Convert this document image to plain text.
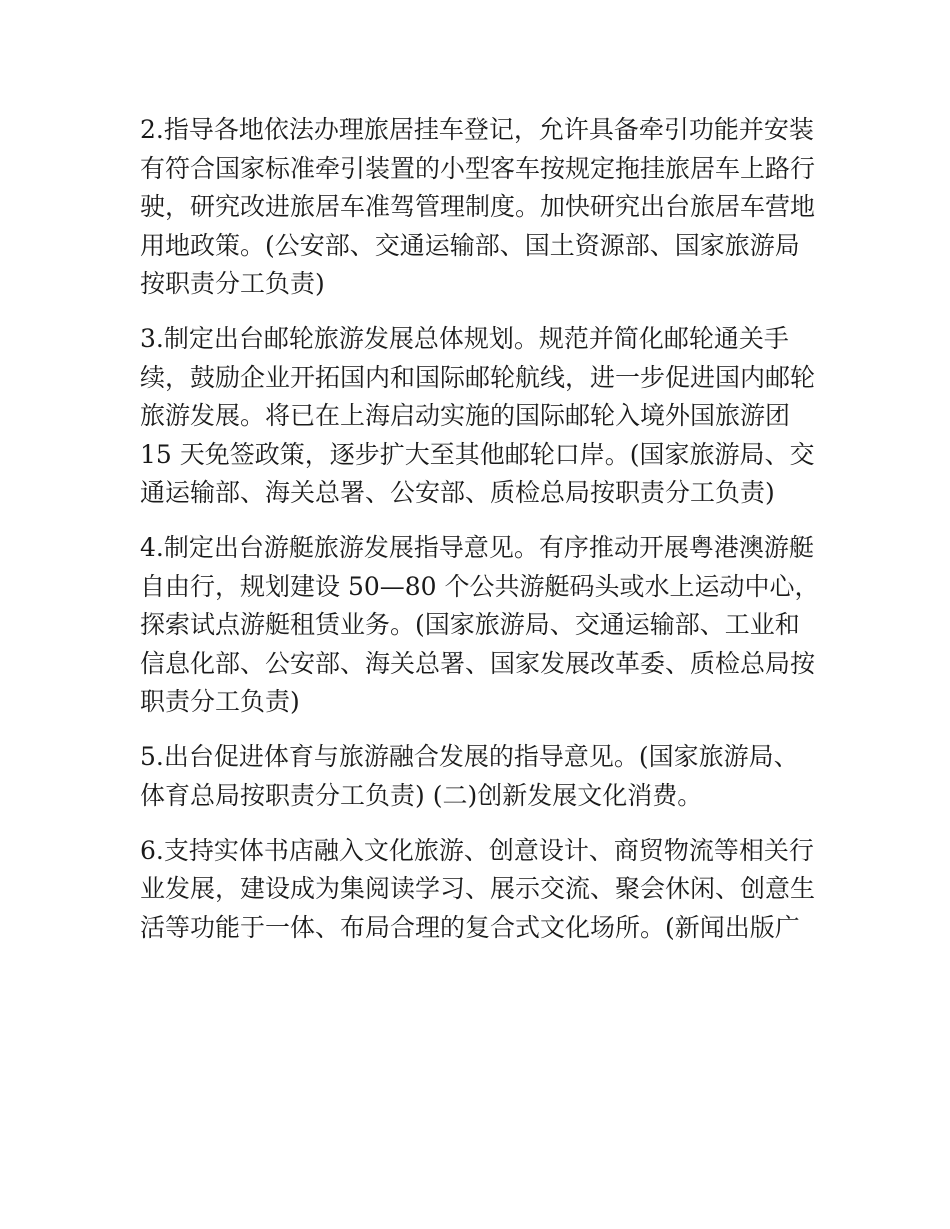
2.指导各地依法办理旅居挂车登记，允许具备牵引功能并安装
有符合国家标准牵引装置的小型客车按规定拖挂旅居车上路行
驶，研究改进旅居车准驾管理制度。加快研究出台旅居车营地
用地政策。(公安部、交通运输部、国土资源部、国家旅游局
按职责分工负责)

3.制定出台邮轮旅游发展总体规划。规范并简化邮轮通关手
续，鼓励企业开拓国内和国际邮轮航线，进一步促进国内邮轮
旅游发展。将已在上海启动实施的国际邮轮入境外国旅游团
15 天免签政策，逐步扩大至其他邮轮口岸。(国家旅游局、交
通运输部、海关总署、公安部、质检总局按职责分工负责)

4.制定出台游艇旅游发展指导意见。有序推动开展粤港澳游艇
自由行，规划建设 50—80 个公共游艇码头或水上运动中心，
探索试点游艇租赁业务。(国家旅游局、交通运输部、工业和
信息化部、公安部、海关总署、国家发展改革委、质检总局按
职责分工负责)

5.出台促进体育与旅游融合发展的指导意见。(国家旅游局、
体育总局按职责分工负责) (二)创新发展文化消费。

6.支持实体书店融入文化旅游、创意设计、商贸物流等相关行
业发展，建设成为集阅读学习、展示交流、聚会休闲、创意生
活等功能于一体、布局合理的复合式文化场所。(新闻出版广
